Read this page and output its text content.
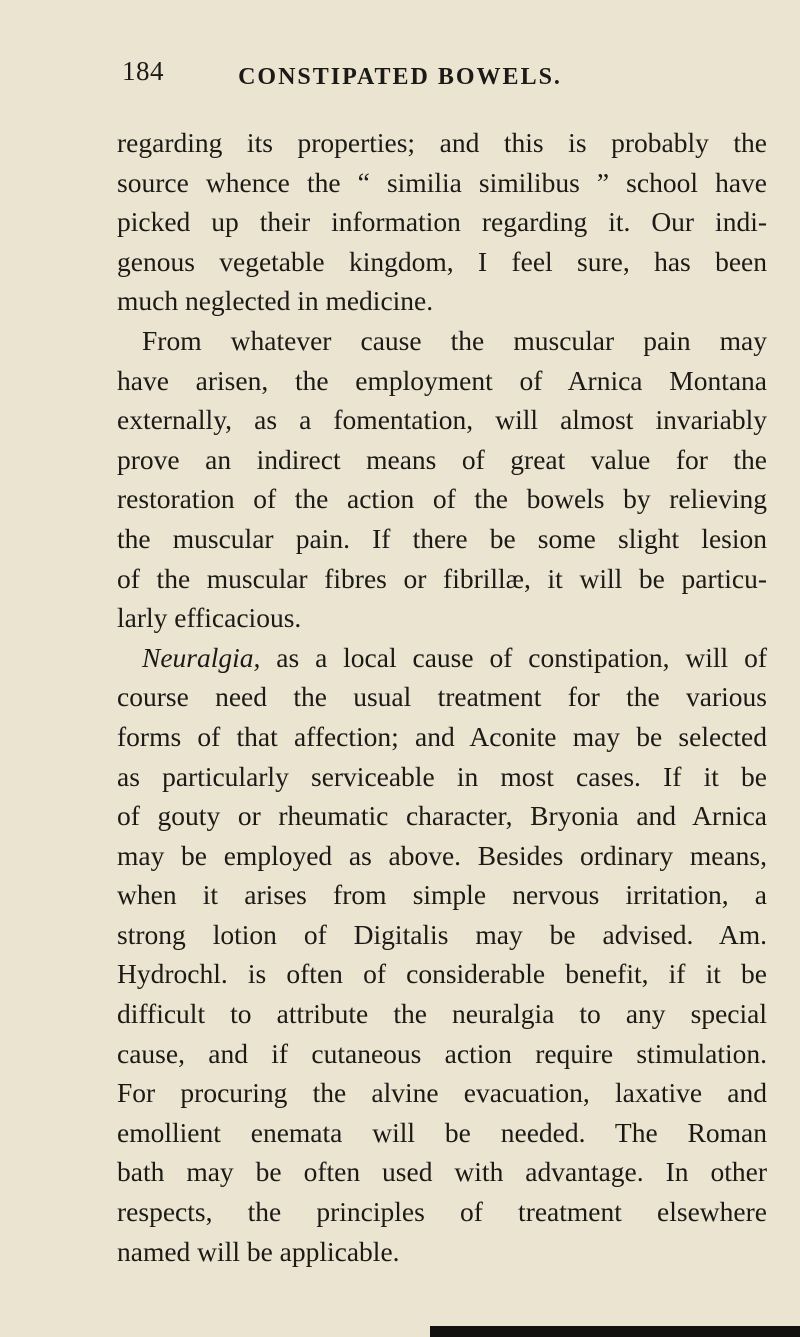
184	CONSTIPATED BOWELS.
regarding its properties; and this is probably the
source whence the “ similia similibus ” school have
picked up their information regarding it. Our indi-
genous vegetable kingdom, I feel sure, has been
much neglected in medicine.
From whatever cause the muscular pain may
have arisen, the employment of Arnica Montana
externally, as a fomentation, will almost invariably
prove an indirect means of great value for the
restoration of the action of the bowels by relieving
the muscular pain. If there be some slight lesion
of the muscular fibres or fibrillæ, it will be particu-
larly efficacious.
Neuralgia, as a local cause of constipation, will of
course need the usual treatment for the various
forms of that affection; and Aconite may be selected
as particularly serviceable in most cases. If it be
of gouty or rheumatic character, Bryonia and Arnica
may be employed as above. Besides ordinary means,
when it arises from simple nervous irritation, a
strong lotion of Digitalis may be advised. Am.
Hydrochl. is often of considerable benefit, if it be
difficult to attribute the neuralgia to any special
cause, and if cutaneous action require stimulation.
For procuring the alvine evacuation, laxative and
emollient enemata will be needed. The Roman
bath may be often used with advantage. In other
respects, the principles of treatment elsewhere
named will be applicable.
